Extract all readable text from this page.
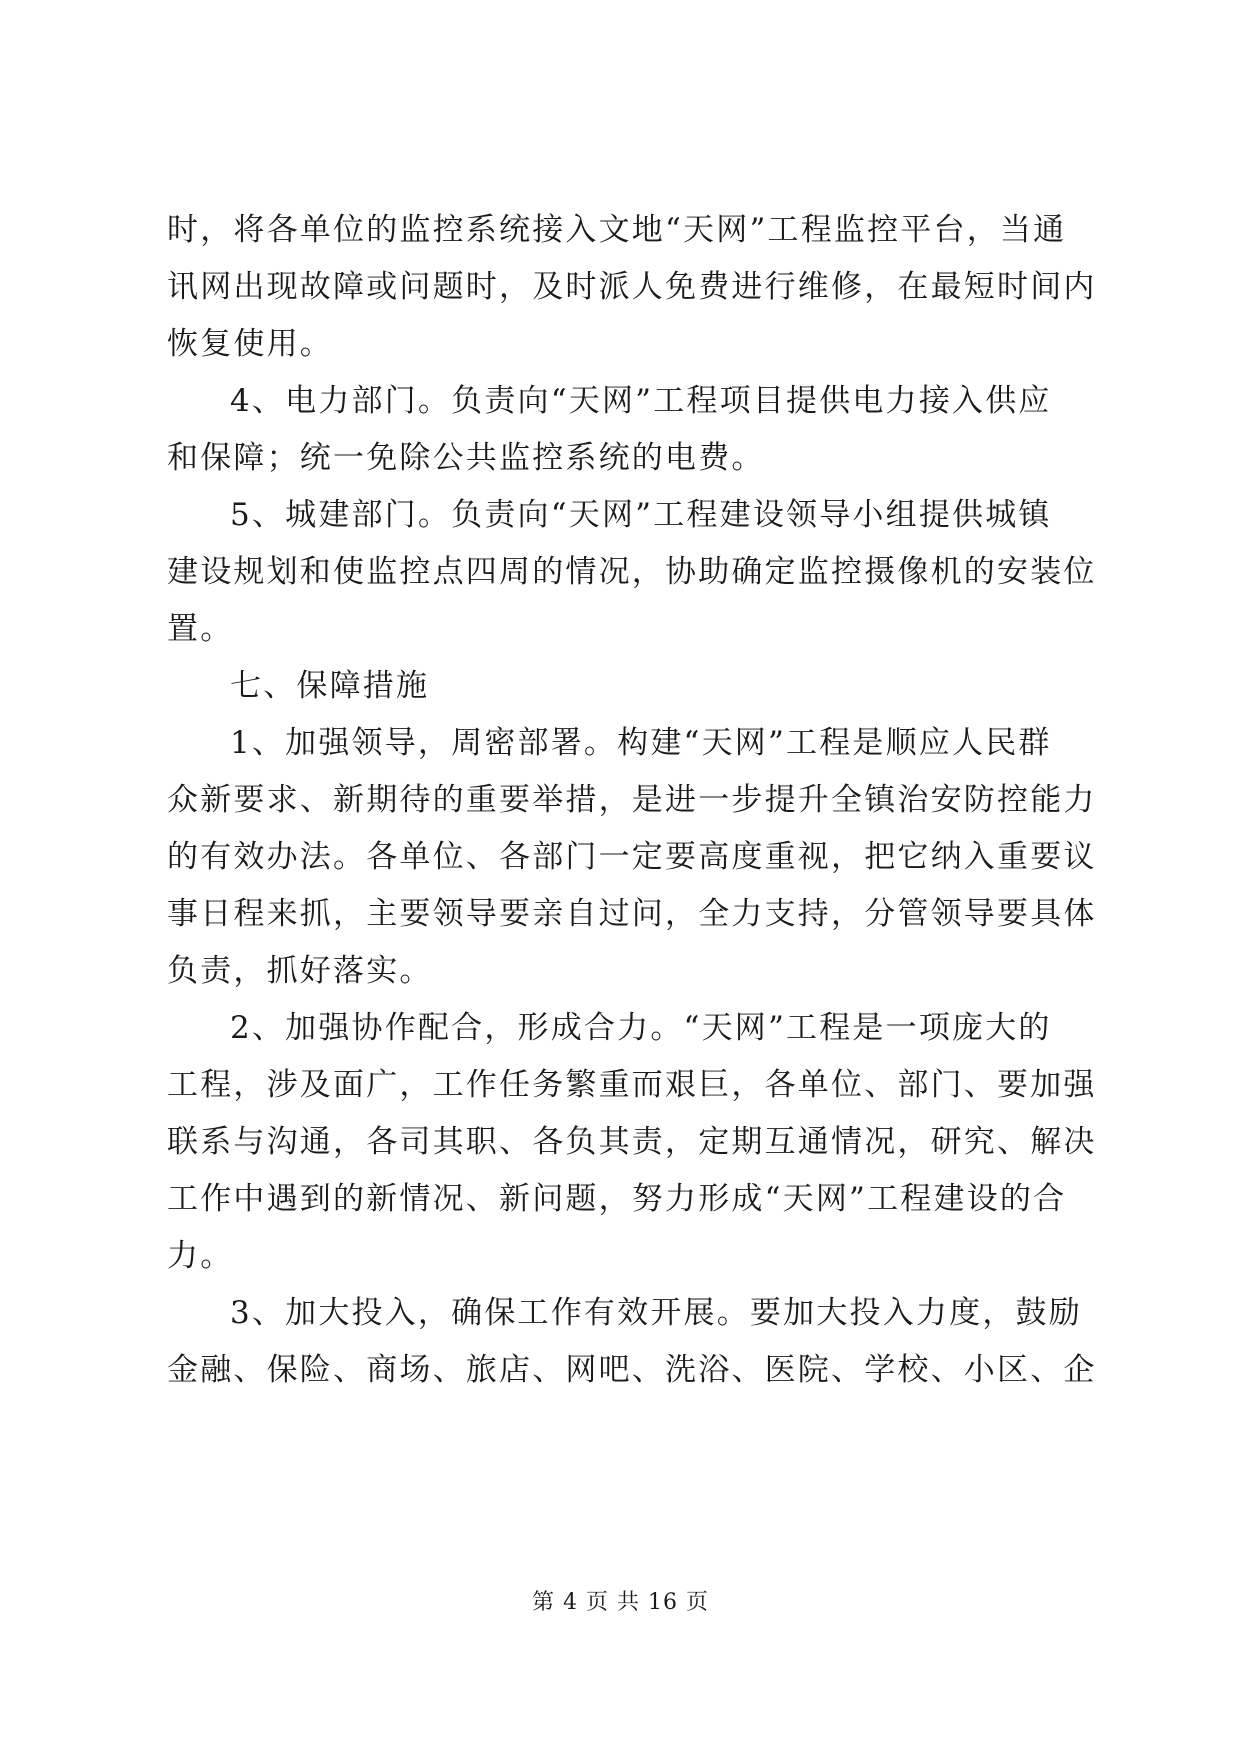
时，将各单位的监控系统接入文地“天网”工程监控平台，当通
讯网出现故障或问题时，及时派人免费进行维修，在最短时间内
恢复使用。
4、电力部门。负责向“天网”工程项目提供电力接入供应
和保障；统一免除公共监控系统的电费。
5、城建部门。负责向“天网”工程建设领导小组提供城镇
建设规划和使监控点四周的情况，协助确定监控摄像机的安装位
置。
七、保障措施
1、加强领导，周密部署。构建“天网”工程是顺应人民群
众新要求、新期待的重要举措，是进一步提升全镇治安防控能力
的有效办法。各单位、各部门一定要高度重视，把它纳入重要议
事日程来抓，主要领导要亲自过问，全力支持，分管领导要具体
负责，抓好落实。
2、加强协作配合，形成合力。“天网”工程是一项庞大的
工程，涉及面广，工作任务繁重而艰巨，各单位、部门、要加强
联系与沟通，各司其职、各负其责，定期互通情况，研究、解决
工作中遇到的新情况、新问题，努力形成“天网”工程建设的合
力。
3、加大投入，确保工作有效开展。要加大投入力度，鼓励
金融、保险、商场、旅店、网吧、洗浴、医院、学校、小区、企
第 4 页 共 16 页
